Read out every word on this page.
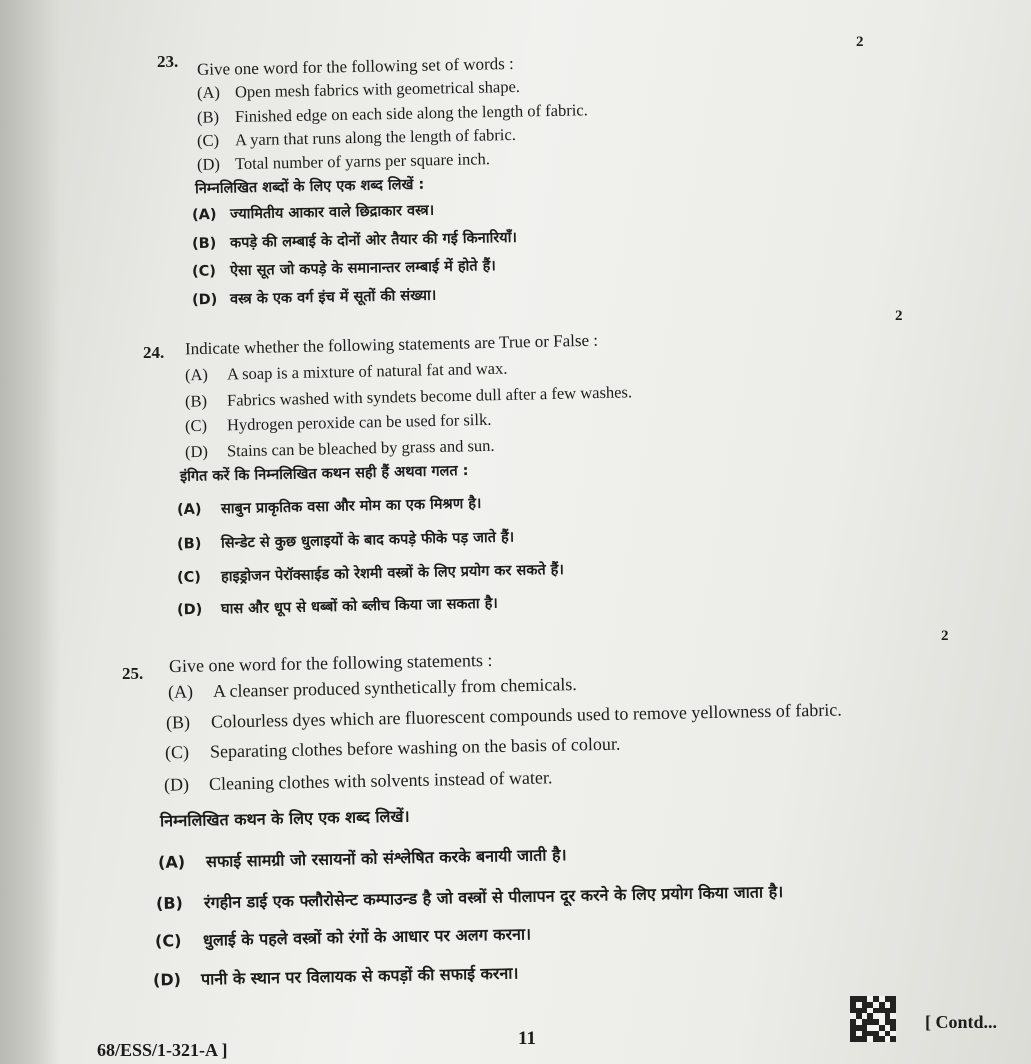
2
23. Give one word for the following set of words :
(A) Open mesh fabrics with geometrical shape.
(B) Finished edge on each side along the length of fabric.
(C) A yarn that runs along the length of fabric.
(D) Total number of yarns per square inch.
निम्नलिखित शब्दों के लिए एक शब्द लिखें :
(A) ज्यामितीय आकार वाले छिद्राकार वस्त्र।
(B) कपड़े की लम्बाई के दोनों ओर तैयार की गई किनारियाँ।
(C) ऐसा सूत जो कपड़े के समानान्तर लम्बाई में होते हैं।
(D) वस्त्र के एक वर्ग इंच में सूतों की संख्या।
2
24. Indicate whether the following statements are True or False :
(A) A soap is a mixture of natural fat and wax.
(B) Fabrics washed with syndets become dull after a few washes.
(C) Hydrogen peroxide can be used for silk.
(D) Stains can be bleached by grass and sun.
इंगित करें कि निम्नलिखित कथन सही हैं अथवा गलत :
(A) साबुन प्राकृतिक वसा और मोम का एक मिश्रण है।
(B) सिन्डेट से कुछ धुलाइयों के बाद कपड़े फीके पड़ जाते हैं।
(C) हाइड्रोजन पेरॉक्साईड को रेशमी वस्त्रों के लिए प्रयोग कर सकते हैं।
(D) घास और धूप से धब्बों को ब्लीच किया जा सकता है।
2
25. Give one word for the following statements :
(A) A cleanser produced synthetically from chemicals.
(B) Colourless dyes which are fluorescent compounds used to remove yellowness of fabric.
(C) Separating clothes before washing on the basis of colour.
(D) Cleaning clothes with solvents instead of water.
निम्नलिखित कथन के लिए एक शब्द लिखें।
(A) सफाई सामग्री जो रसायनों को संश्लेषित करके बनायी जाती है।
(B) रंगहीन डाई एक फ्लौरोसेन्ट कम्पाउन्ड है जो वस्त्रों से पीलापन दूर करने के लिए प्रयोग किया जाता है।
(C) धुलाई के पहले वस्त्रों को रंगों के आधार पर अलग करना।
(D) पानी के स्थान पर विलायक से कपड़ों की सफाई करना।
68/ESS/1-321-A ]
11
[ Contd...
